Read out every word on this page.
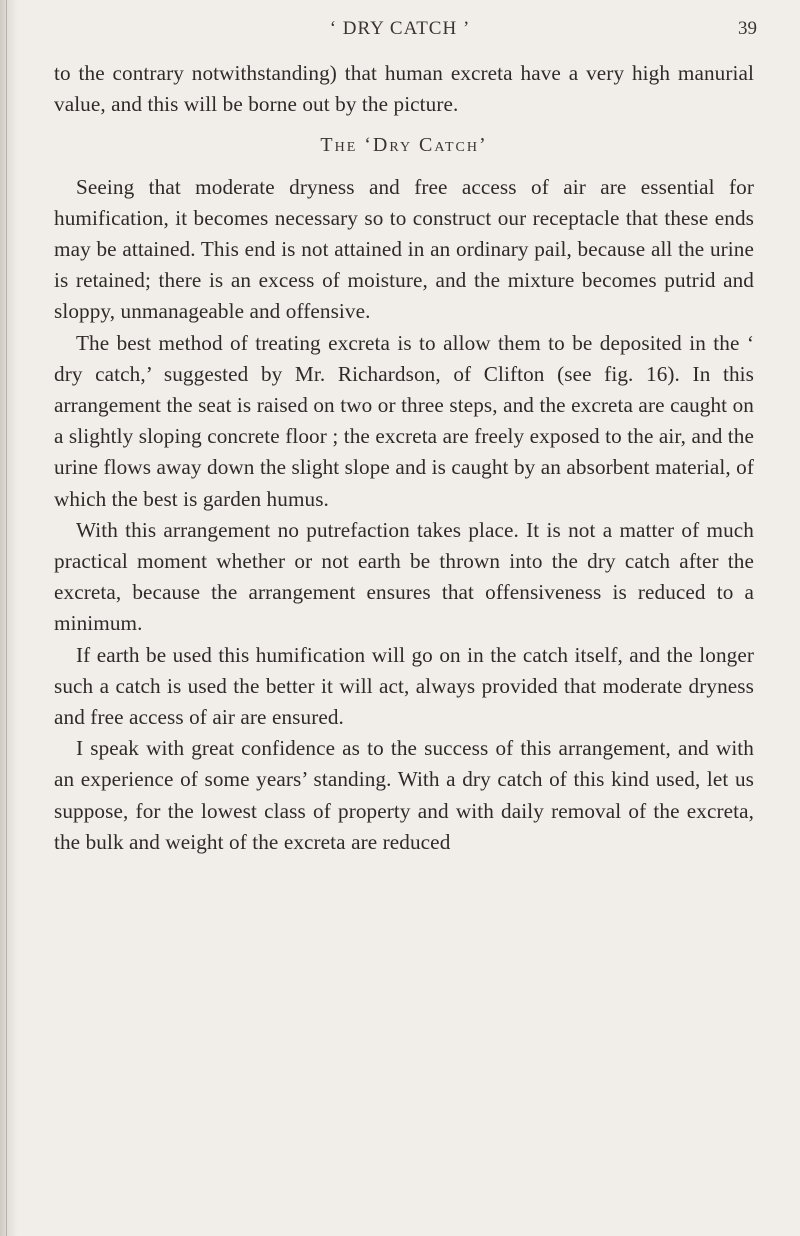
‘ DRY CATCH ’	39

to the contrary notwithstanding) that human excreta have a very high manurial value, and this will be borne out by the picture.

The ‘Dry Catch’

Seeing that moderate dryness and free access of air are essential for humification, it becomes necessary so to construct our receptacle that these ends may be attained. This end is not attained in an ordinary pail, because all the urine is retained; there is an excess of moisture, and the mixture becomes putrid and sloppy, unmanageable and offensive.

The best method of treating excreta is to allow them to be deposited in the ‘ dry catch,’ suggested by Mr. Richardson, of Clifton (see fig. 16). In this arrangement the seat is raised on two or three steps, and the excreta are caught on a slightly sloping concrete floor ; the excreta are freely exposed to the air, and the urine flows away down the slight slope and is caught by an absorbent material, of which the best is garden humus.

With this arrangement no putrefaction takes place. It is not a matter of much practical moment whether or not earth be thrown into the dry catch after the excreta, because the arrangement ensures that offensiveness is reduced to a minimum.

If earth be used this humification will go on in the catch itself, and the longer such a catch is used the better it will act, always provided that moderate dryness and free access of air are ensured.

I speak with great confidence as to the success of this arrangement, and with an experience of some years’ standing. With a dry catch of this kind used, let us suppose, for the lowest class of property and with daily removal of the excreta, the bulk and weight of the excreta are reduced
